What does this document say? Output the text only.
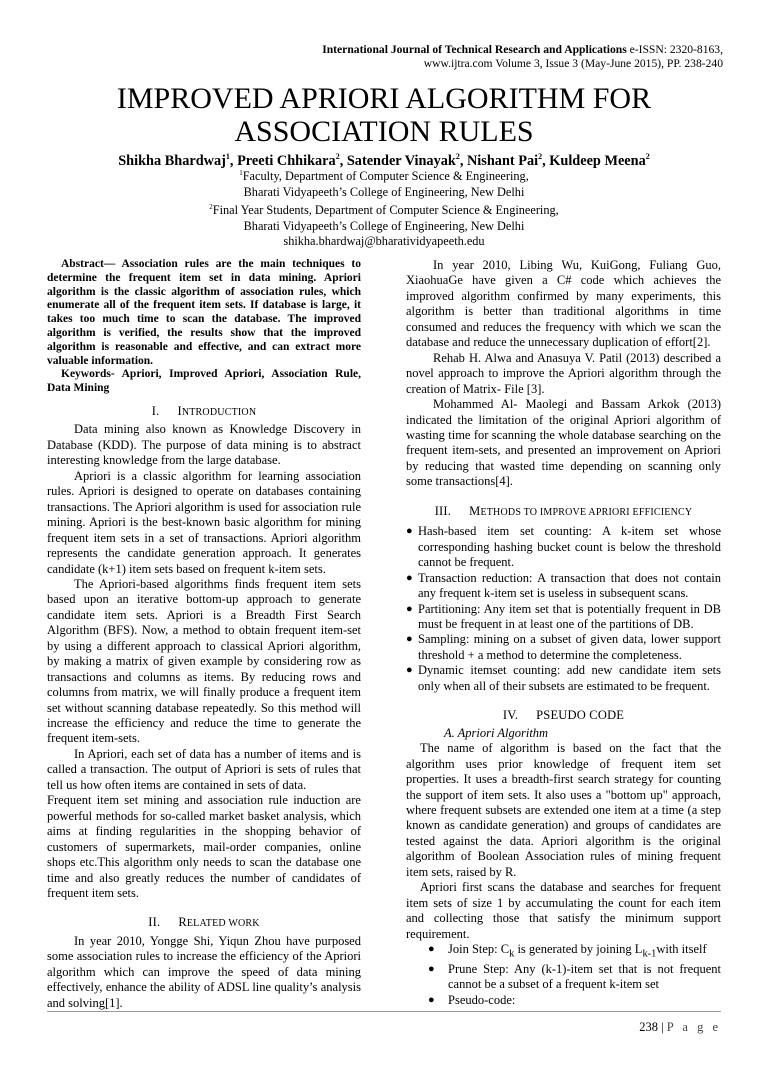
International Journal of Technical Research and Applications e-ISSN: 2320-8163,
www.ijtra.com Volume 3, Issue 3 (May-June 2015), PP. 238-240
IMPROVED APRIORI ALGORITHM FOR
ASSOCIATION RULES
Shikha Bhardwaj$^1$, Preeti Chhikara$^2$, Satender Vinayak$^2$, Nishant Pai$^2$, Kuldeep Meena$^2$
$^1$Faculty, Department of Computer Science & Engineering,
Bharati Vidyapeeth’s College of Engineering, New Delhi
$^2$Final Year Students, Department of Computer Science & Engineering,
Bharati Vidyapeeth’s College of Engineering, New Delhi
shikha.bhardwaj@bharatividyapeeth.edu

Abstract— Association rules are the main techniques to determine the frequent item set in data mining. Apriori algorithm is the classic algorithm of association rules, which enumerate all of the frequent item sets. If database is large, it takes too much time to scan the database. The improved algorithm is verified, the results show that the improved algorithm is reasonable and effective, and can extract more valuable information.

Keywords- Apriori, Improved Apriori, Association Rule, Data Mining

I. INTRODUCTION

Data mining also known as Knowledge Discovery in Database (KDD). The purpose of data mining is to abstract interesting knowledge from the large database.

Apriori is a classic algorithm for learning association rules. Apriori is designed to operate on databases containing transactions. The Apriori algorithm is used for association rule mining. Apriori is the best-known basic algorithm for mining frequent item sets in a set of transactions. Apriori algorithm represents the candidate generation approach. It generates candidate (k+1) item sets based on frequent k-item sets.

The Apriori-based algorithms finds frequent item sets based upon an iterative bottom-up approach to generate candidate item sets. Apriori is a Breadth First Search Algorithm (BFS). Now, a method to obtain frequent item-set by using a different approach to classical Apriori algorithm, by making a matrix of given example by considering row as transactions and columns as items. By reducing rows and columns from matrix, we will finally produce a frequent item set without scanning database repeatedly. So this method will increase the efficiency and reduce the time to generate the frequent item-sets.

In Apriori, each set of data has a number of items and is called a transaction. The output of Apriori is sets of rules that tell us how often items are contained in sets of data.

Frequent item set mining and association rule induction are powerful methods for so-called market basket analysis, which aims at finding regularities in the shopping behavior of customers of supermarkets, mail-order companies, online shops etc.This algorithm only needs to scan the database one time and also greatly reduces the number of candidates of frequent item sets.

II. RELATED WORK

In year 2010, Yongge Shi, Yiqun Zhou have purposed some association rules to increase the efficiency of the Apriori algorithm which can improve the speed of data mining effectively, enhance the ability of ADSL line quality’s analysis and solving[1].

In year 2010, Libing Wu, KuiGong, Fuliang Guo, XiaohuaGe have given a C# code which achieves the improved algorithm confirmed by many experiments, this algorithm is better than traditional algorithms in time consumed and reduces the frequency with which we scan the database and reduce the unnecessary duplication of effort[2].

Rehab H. Alwa and Anasuya V. Patil (2013) described a novel approach to improve the Apriori algorithm through the creation of Matrix- File [3].

Mohammed Al- Maolegi and Bassam Arkok (2013) indicated the limitation of the original Apriori algorithm of wasting time for scanning the whole database searching on the frequent item-sets, and presented an improvement on Apriori by reducing that wasted time depending on scanning only some transactions[4].

III. METHODS TO IMPROVE APRIORI EFFICIENCY
● Hash-based item set counting: A k-item set whose corresponding hashing bucket count is below the threshold cannot be frequent.
● Transaction reduction: A transaction that does not contain any frequent k-item set is useless in subsequent scans.
● Partitioning: Any item set that is potentially frequent in DB must be frequent in at least one of the partitions of DB.
● Sampling: mining on a subset of given data, lower support threshold + a method to determine the completeness.
● Dynamic itemset counting: add new candidate item sets only when all of their subsets are estimated to be frequent.
IV. PSEUDO CODE
A. Apriori Algorithm

The name of algorithm is based on the fact that the algorithm uses prior knowledge of frequent item set properties. It uses a breadth-first search strategy for counting the support of item sets. It also uses a "bottom up" approach, where frequent subsets are extended one item at a time (a step known as candidate generation) and groups of candidates are tested against the data. Apriori algorithm is the original algorithm of Boolean Association rules of mining frequent item sets, raised by R.

Apriori first scans the database and searches for frequent item sets of size 1 by accumulating the count for each item and collecting those that satisfy the minimum support requirement.

● Join Step: $C_k$ is generated by joining $L_{k-1}with$ itself
● Prune Step: Any (k-1)-item set that is not frequent cannot be a subset of a frequent k-item set
● Pseudo-code:
238 | P a g e
